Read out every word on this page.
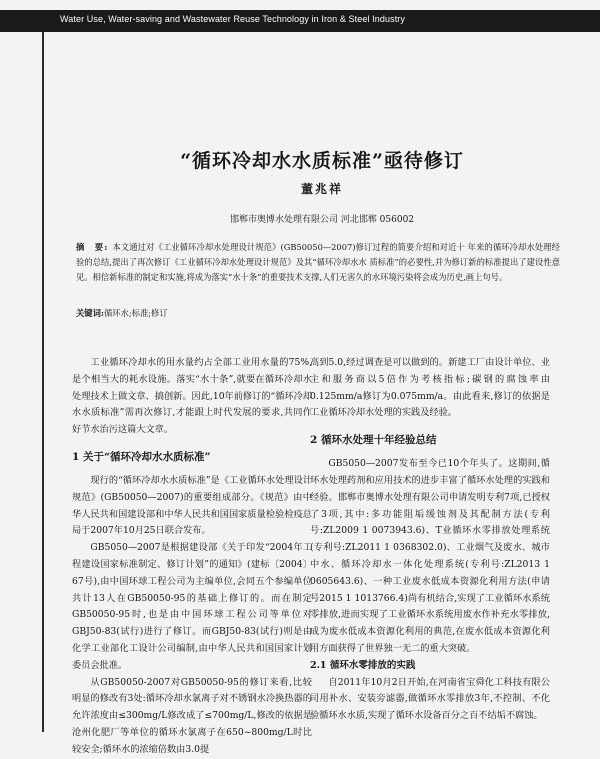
Water Use, Water-saving and Wastewater Reuse Technology in Iron & Steel Industry
“循环冷却水水质标准”亟待修订
董兆祥
邯郸市奥博水处理有限公司 河北邯郸 056002

摘　要: 本文通过对《工业循环冷却水处理设计规范》(GB50050—2007)修订过程的简要介绍和对近十 年来的循环冷却水处理经验的总结,提出了再次修订《工业循环冷却水处理设计规范》及其“循环冷却水水 质标准”的必要性,并为修订新的标准提出了建设性意见。相信新标准的制定和实施,将成为落实“水十条”的重要技术支撑,人们无害久的水环境污染将会成为历史,画上句号。

关键词:循环水;标准;修订

工业循环冷却水的用水量约占全部工业用水量的75%,是个相当大的耗水设施。落实“水十条”,就要在循环冷却水处理技术上做文章、搞创新。因此,10年前修订的“循环冷却水水质标准”需再次修订,才能跟上时代发展的要求,共同作好节水治污这篇大文章。

1 关于“循环冷却水水质标准”

现行的“循环冷却水水质标准”是《工业循环水处理设计规范》(GB50050—2007)的重要组成部分。《规范》由中华人民共和国建设部和中华人民共和国国家质量检验检疫总局于2007年10月25日联合发布。

GB5050—2007是根据建设部《关于印发“2004年工程建设国家标准制定、修订计划”的通知》(建标〔2004〕67号),由中国环球工程公司为主编单位,会同五个参编单位共计13人在GB50050-95的基础上修订的。而在制定GB50050-95时,也是由中国环球工程公司等单位对GBJ50-83(试行)进行了修订。而GBJ50-83(试行)则是由化学工业部化工设计公司编制,由中华人民共和国国家计划委员会批准。

从GB50050-2007对GB50050-95的修订来看,比较明显的修改有3处:循环冷却水氯离子对不锈钢水冷换热器的允许浓度由≤300mg/L修改成了≤700mg/L,修改的依据是沧州化肥厂等单位的循环水氯离子在650~800mg/L时比较安全;循环水的浓缩倍数由3.0提

高到5.0,经过调查是可以做到的。新建工厂由设计单位、业主和服务商以5倍作为考核指标;碳钢的腐蚀率由0.125mm/a修订为0.075mm/a。由此看来,修订的依据是工业循环冷却水处理的实践及经验。

2 循环水处理十年经验总结

GB5050—2007发布至今已10个年头了。这期间,循环水处理药剂和应用技术的进步丰富了循环水处理的实践和经验。邯郸市奥博水处理有限公司申请发明专利7项,已授权了3项,其中:多功能阻垢缓蚀剂及其配制方法(专利号:ZL2009 1 0073943.6)、T业循环水零排放处理系统(专利号:ZL2011 1 0368302.0)、工业烟气及废水、城市中水、循环冷却水一体化处理系统(专利号:ZL2013 1 0605643.6)、一种工业废水低成本资源化利用方法(申请号2015 1 1013766.4)尚有机结合,实现了工业循环水系统零排放,进而实现了工业循环水系统用废水作补充水零排放,成为废水低成本资源化利用的典范,在废水低成本资源化利用方面获得了世界独一无二的重大突破。

2.1 循环水零排放的实践

自2011年10月2日开始,在河南省宝舜化工科技有限公司用补水、安装旁滤器,做循环水零排放3年,不控制、不化验循环水水质,实现了循环水设备百分之百不结垢不腐蚀。
